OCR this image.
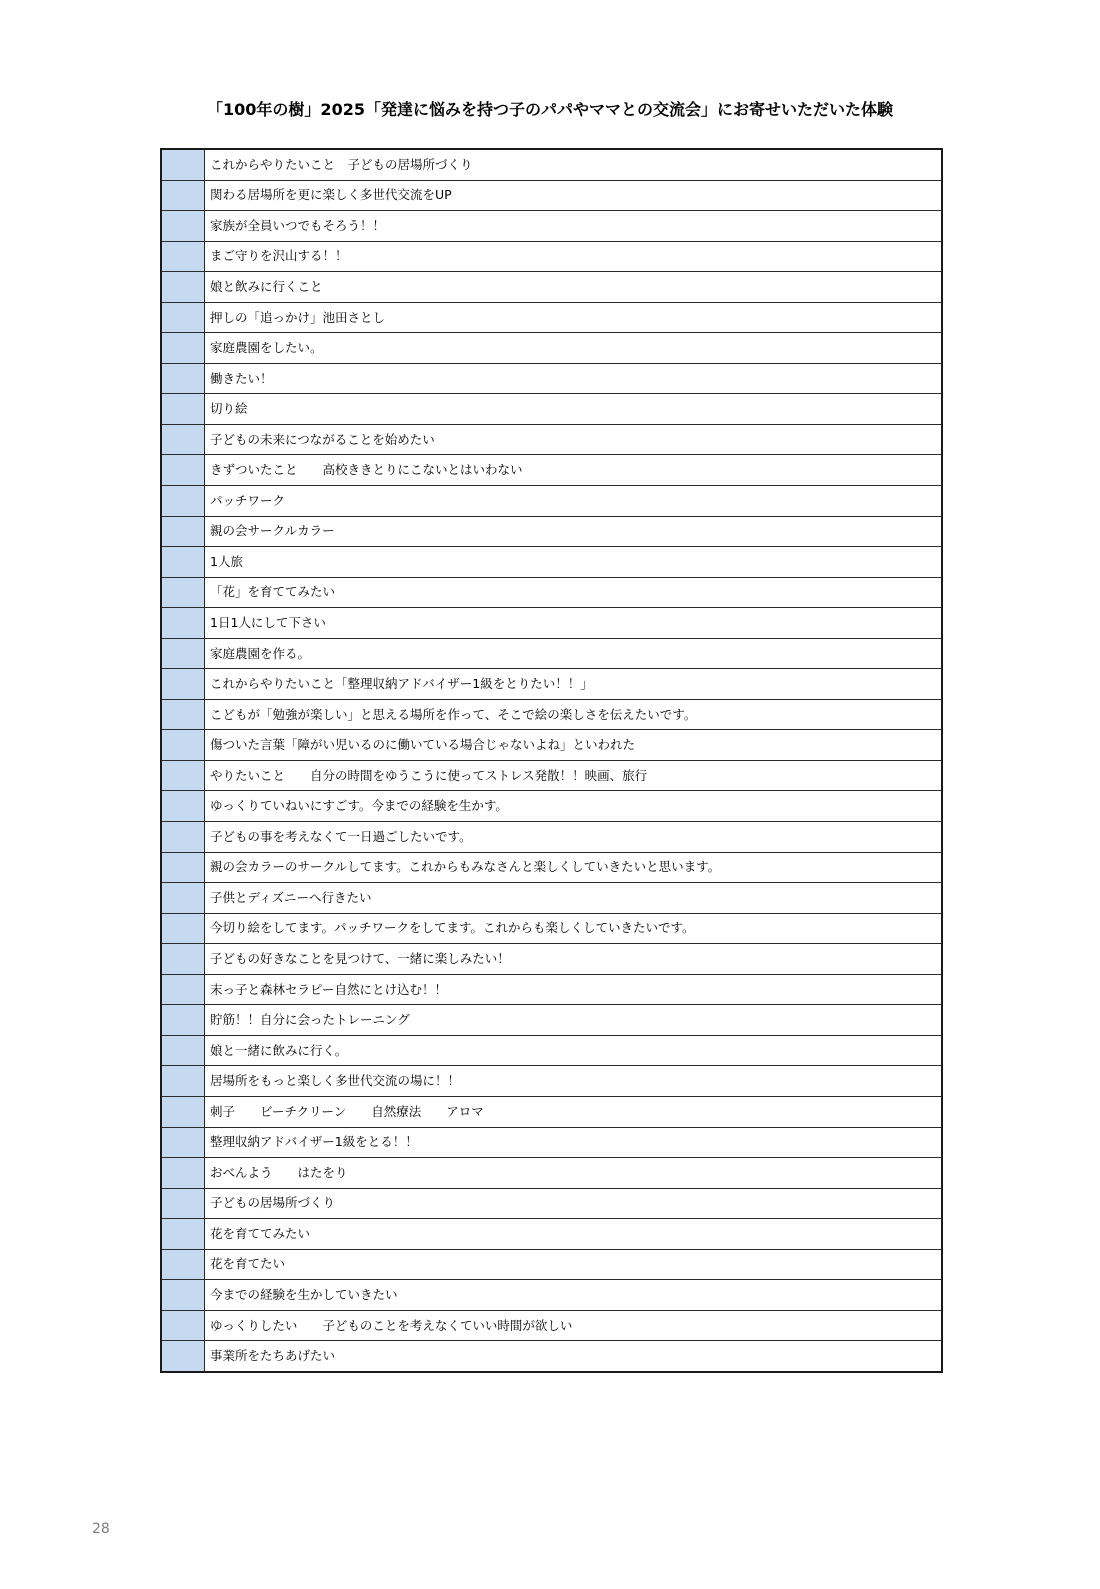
「100年の樹」2025「発達に悩みを持つ子のパパやママとの交流会」にお寄せいただいた体験
	これからやりたいこと　子どもの居場所づくり
	関わる居場所を更に楽しく多世代交流をUP
	家族が全員いつでもそろう！！
	まご守りを沢山する！！
	娘と飲みに行くこと
	押しの「追っかけ」池田さとし
	家庭農園をしたい。
	働きたい！
	切り絵
	子どもの未来につながることを始めたい
	きずついたこと　　高校ききとりにこないとはいわない
	パッチワーク
	親の会サークルカラー
	1人旅
	「花」を育ててみたい
	1日1人にして下さい
	家庭農園を作る。
	これからやりたいこと「整理収納アドバイザー1級をとりたい！！」
	こどもが「勉強が楽しい」と思える場所を作って、そこで絵の楽しさを伝えたいです。
	傷ついた言葉「障がい児いるのに働いている場合じゃないよね」といわれた
	やりたいこと　　自分の時間をゆうこうに使ってストレス発散！！映画、旅行
	ゆっくりていねいにすごす。今までの経験を生かす。
	子どもの事を考えなくて一日過ごしたいです。
	親の会カラーのサークルしてます。これからもみなさんと楽しくしていきたいと思います。
	子供とディズニーへ行きたい
	今切り絵をしてます。パッチワークをしてます。これからも楽しくしていきたいです。
	子どもの好きなことを見つけて、一緒に楽しみたい！
	末っ子と森林セラピー自然にとけ込む！！
	貯筋！！自分に会ったトレーニング
	娘と一緒に飲みに行く。
	居場所をもっと楽しく多世代交流の場に！！
	刺子　　ビーチクリーン　　自然療法　　アロマ
	整理収納アドバイザー1級をとる！！
	おべんよう　　はたをり
	子どもの居場所づくり
	花を育ててみたい
	花を育てたい
	今までの経験を生かしていきたい
	ゆっくりしたい　　子どものことを考えなくていい時間が欲しい
	事業所をたちあげたい
28
